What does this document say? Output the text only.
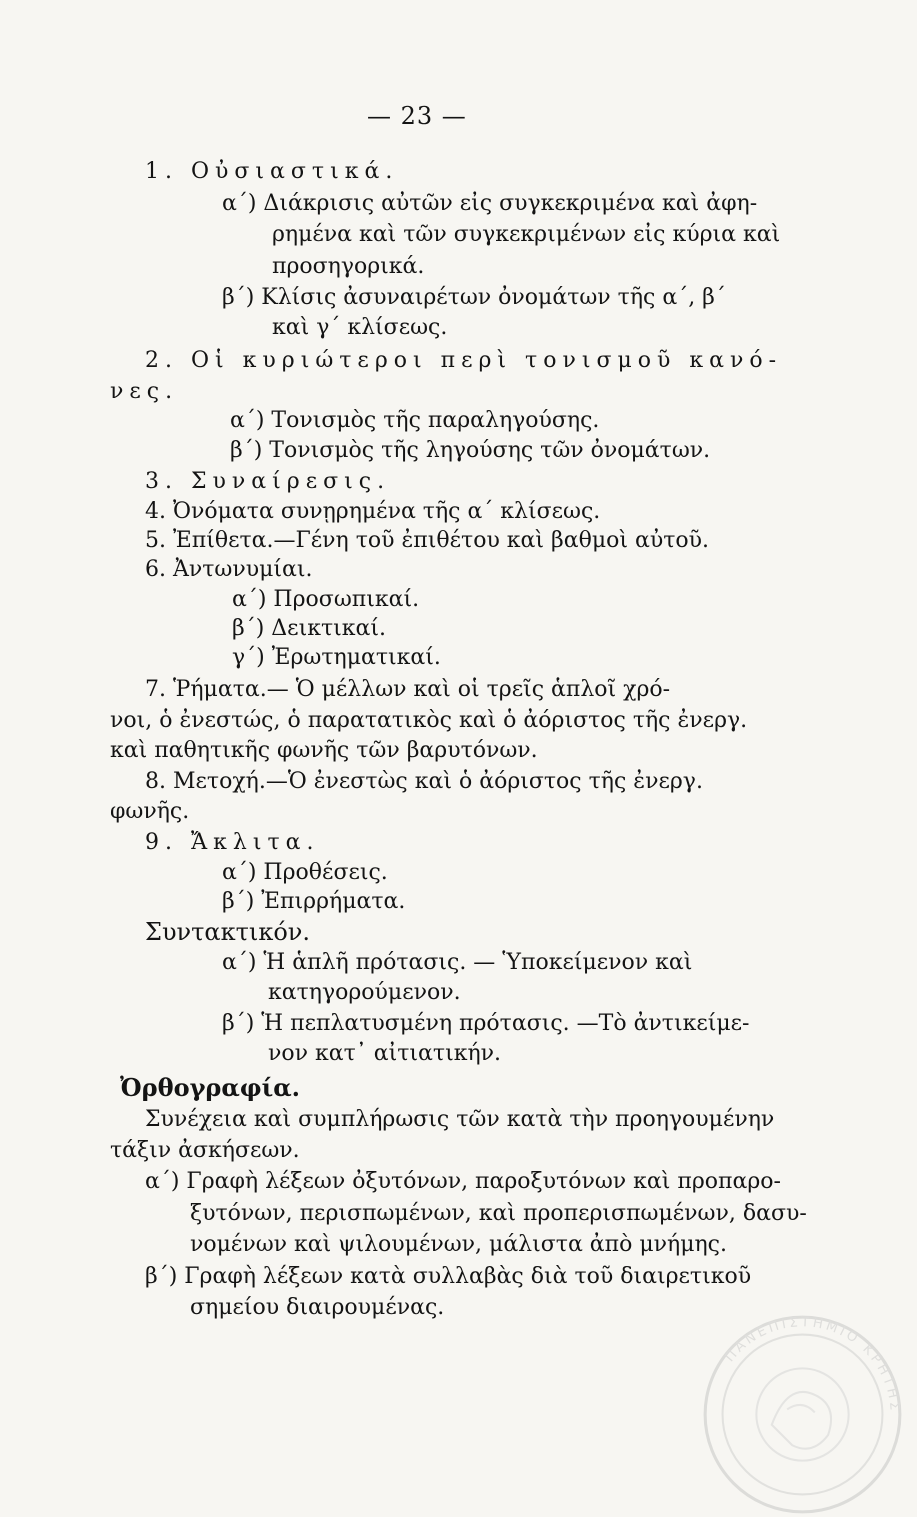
— 23 —
1. Οὐσιαστικά.
α΄) Διάκρισις αὐτῶν εἰς συγκεκριμένα καὶ ἀφη-
ρημένα καὶ τῶν συγκεκριμένων εἰς κύρια καὶ
προσηγορικά.
β΄) Κλίσις ἀσυναιρέτων ὀνομάτων τῆς α΄, β΄
καὶ γ΄ κλίσεως.
2. Οἱ κυριώτεροι περὶ τονισμοῦ κανό-
νες.
α΄) Τονισμὸς τῆς παραληγούσης.
β΄) Τονισμὸς τῆς ληγούσης τῶν ὀνομάτων.
3. Συναίρεσις.
4. Ὀνόματα συνῃρημένα τῆς α΄ κλίσεως.
5. Ἐπίθετα.—Γένη τοῦ ἐπιθέτου καὶ βαθμοὶ αὐτοῦ.
6. Ἀντωνυμίαι.
α΄) Προσωπικαί.
β΄) Δεικτικαί.
γ΄) Ἐρωτηματικαί.
7. Ῥήματα.— Ὁ μέλλων καὶ οἱ τρεῖς ἁπλοῖ χρό-
νοι, ὁ ἐνεστώς, ὁ παρατατικὸς καὶ ὁ ἀόριστος τῆς ἐνεργ.
καὶ παθητικῆς φωνῆς τῶν βαρυτόνων.
8. Μετοχή.—Ὁ ἐνεστὼς καὶ ὁ ἀόριστος τῆς ἐνεργ.
φωνῆς.
9. Ἄκλιτα.
α΄) Προθέσεις.
β΄) Ἐπιρρήματα.
Συντακτικόν.
α΄) Ἡ ἁπλῆ πρότασις. — Ὑποκείμενον καὶ
κατηγορούμενον.
β΄) Ἡ πεπλατυσμένη πρότασις. —Τὸ ἀντικείμε-
νον κατ᾽ αἰτιατικήν.
Ὀρθογραφία.
Συνέχεια καὶ συμπλήρωσις τῶν κατὰ τὴν προηγουμένην
τάξιν ἀσκήσεων.
α΄) Γραφὴ λέξεων ὀξυτόνων, παροξυτόνων καὶ προπαρο-
ξυτόνων, περισπωμένων, καὶ προπερισπωμένων, δασυ-
νομένων καὶ ψιλουμένων, μάλιστα ἀπὸ μνήμης.
β΄) Γραφὴ λέξεων κατὰ συλλαβὰς διὰ τοῦ διαιρετικοῦ
σημείου διαιρουμένας.
ΠΑΝΕΠΙΣΤΗΜΙΟ ΚΡΗΤΗΣ
